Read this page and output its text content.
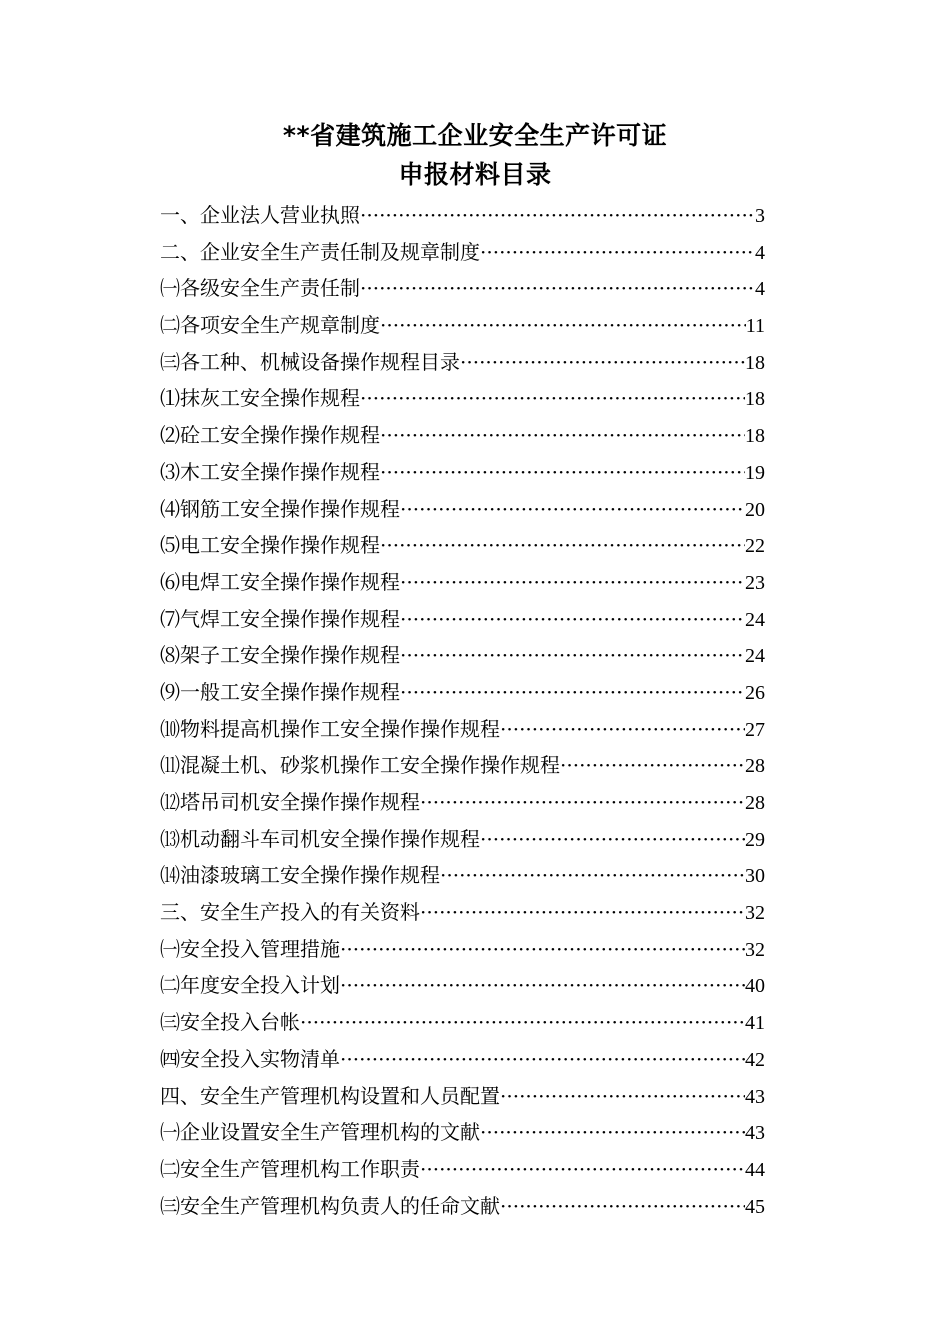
**省建筑施工企业安全生产许可证
申报材料目录
一、企业法人营业执照 ·····	3
二、企业安全生产责任制及规章制度 ·····	4
㈠各级安全生产责任制 ·····	4
㈡各项安全生产规章制度 ·····	11
㈢各工种、机械设备操作规程目录 ·····	18
⑴抹灰工安全操作规程 ·····	18
⑵砼工安全操作操作规程 ·····	18
⑶木工安全操作操作规程 ·····	19
⑷钢筋工安全操作操作规程 ·····	20
⑸电工安全操作操作规程 ·····	22
⑹电焊工安全操作操作规程 ·····	23
⑺气焊工安全操作操作规程 ·····	24
⑻架子工安全操作操作规程 ·····	24
⑼一般工安全操作操作规程 ·····	26
⑽物料提高机操作工安全操作操作规程 ·····	27
⑾混凝土机、砂浆机操作工安全操作操作规程 ·····	28
⑿塔吊司机安全操作操作规程 ·····	28
⒀机动翻斗车司机安全操作操作规程 ·····	29
⒁油漆玻璃工安全操作操作规程 ·····	30
三、安全生产投入的有关资料 ·····	32
㈠安全投入管理措施 ·····	32
㈡年度安全投入计划 ·····	40
㈢安全投入台帐 ·····	41
㈣安全投入实物清单 ·····	42
四、安全生产管理机构设置和人员配置 ·····	43
㈠企业设置安全生产管理机构的文献 ·····	43
㈡安全生产管理机构工作职责 ·····	44
㈢安全生产管理机构负责人的任命文献 ·····	45
